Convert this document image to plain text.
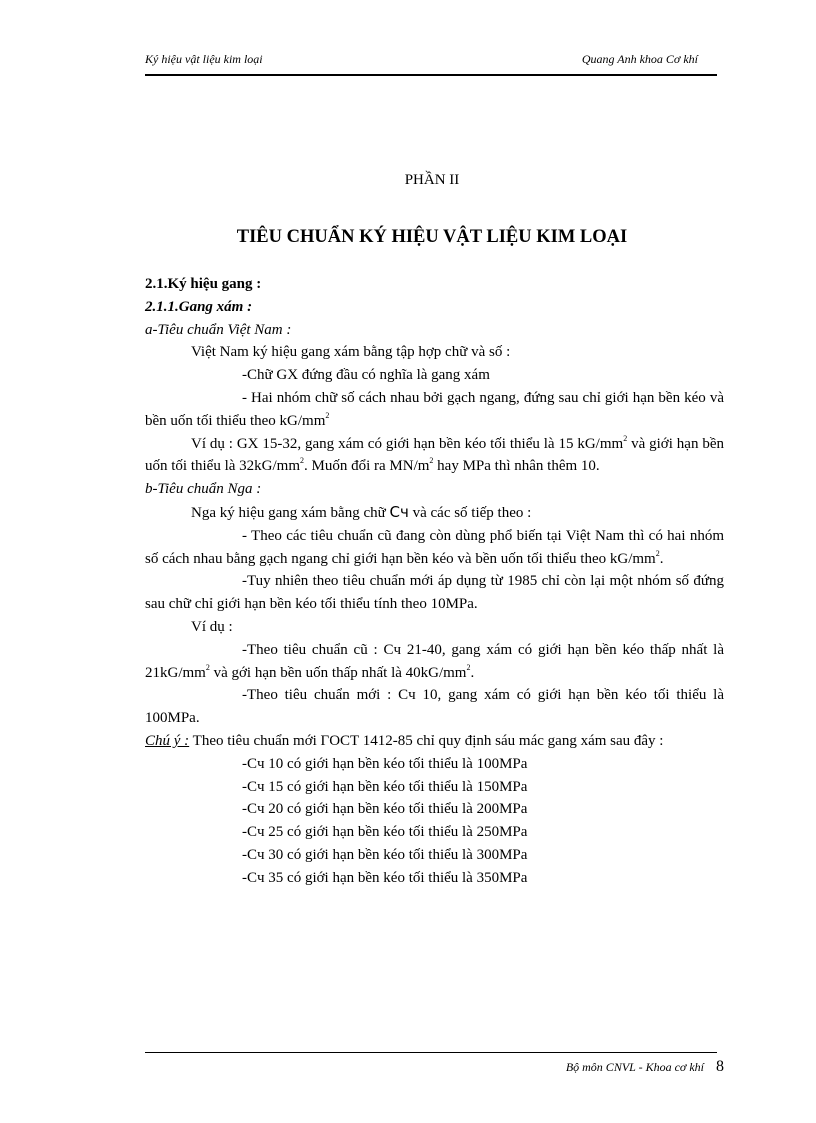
Ký hiệu vật liệu kim loại	Quang Anh khoa Cơ khí
PHẦN II
TIÊU CHUẨN KÝ HIỆU VẬT LIỆU KIM LOẠI

2.1.Ký hiệu gang :

2.1.1.Gang xám :

a-Tiêu chuẩn Việt Nam :

Việt Nam ký hiệu gang xám bằng tập hợp chữ và số :

-Chữ GX đứng đầu có nghĩa là gang xám

- Hai nhóm chữ số cách nhau bởi gạch ngang, đứng sau chỉ giới hạn bền kéo và bền uốn tối thiểu theo $kG/mm^2$

Ví dụ : GX 15-32, gang xám có giới hạn bền kéo tối thiểu là 15 $kG/mm^2$ và giới hạn bền uốn tối thiểu là $32kG/mm^2$. Muốn đổi ra $MN/m^2$ hay MPa thì nhân thêm 10.

b-Tiêu chuẩn Nga :

Nga ký hiệu gang xám bằng chữ Cч và các số tiếp theo :

- Theo các tiêu chuẩn cũ đang còn dùng phổ biến tại Việt Nam thì có hai nhóm số cách nhau bằng gạch ngang chỉ giới hạn bền kéo và bền uốn tối thiểu theo $kG/mm^2$.

-Tuy nhiên theo tiêu chuẩn mới áp dụng từ 1985 chỉ còn lại một nhóm số đứng sau chữ chỉ giới hạn bền kéo tối thiểu tính theo 10MPa.

Ví dụ :

-Theo tiêu chuẩn cũ : Cч 21-40, gang xám có giới hạn bền kéo thấp nhất là $21kG/mm^2$ và gới hạn bền uốn thấp nhất là $40kG/mm^2$.

-Theo tiêu chuẩn mới : Cч 10, gang xám có giới hạn bền kéo tối thiểu là 100MPa.

Chú ý : Theo tiêu chuẩn mới ГOCT 1412-85 chỉ quy định sáu mác gang xám sau đây :

-Cч 10 có giới hạn bền kéo tối thiểu là 100MPa

-Cч 15 có giới hạn bền kéo tối thiểu là 150MPa

-Cч 20 có giới hạn bền kéo tối thiểu là 200MPa

-Cч 25 có giới hạn bền kéo tối thiểu là 250MPa

-Cч 30 có giới hạn bền kéo tối thiểu là 300MPa

-Cч 35 có giới hạn bền kéo tối thiểu là 350MPa

Bộ môn CNVL - Khoa cơ khí 8
